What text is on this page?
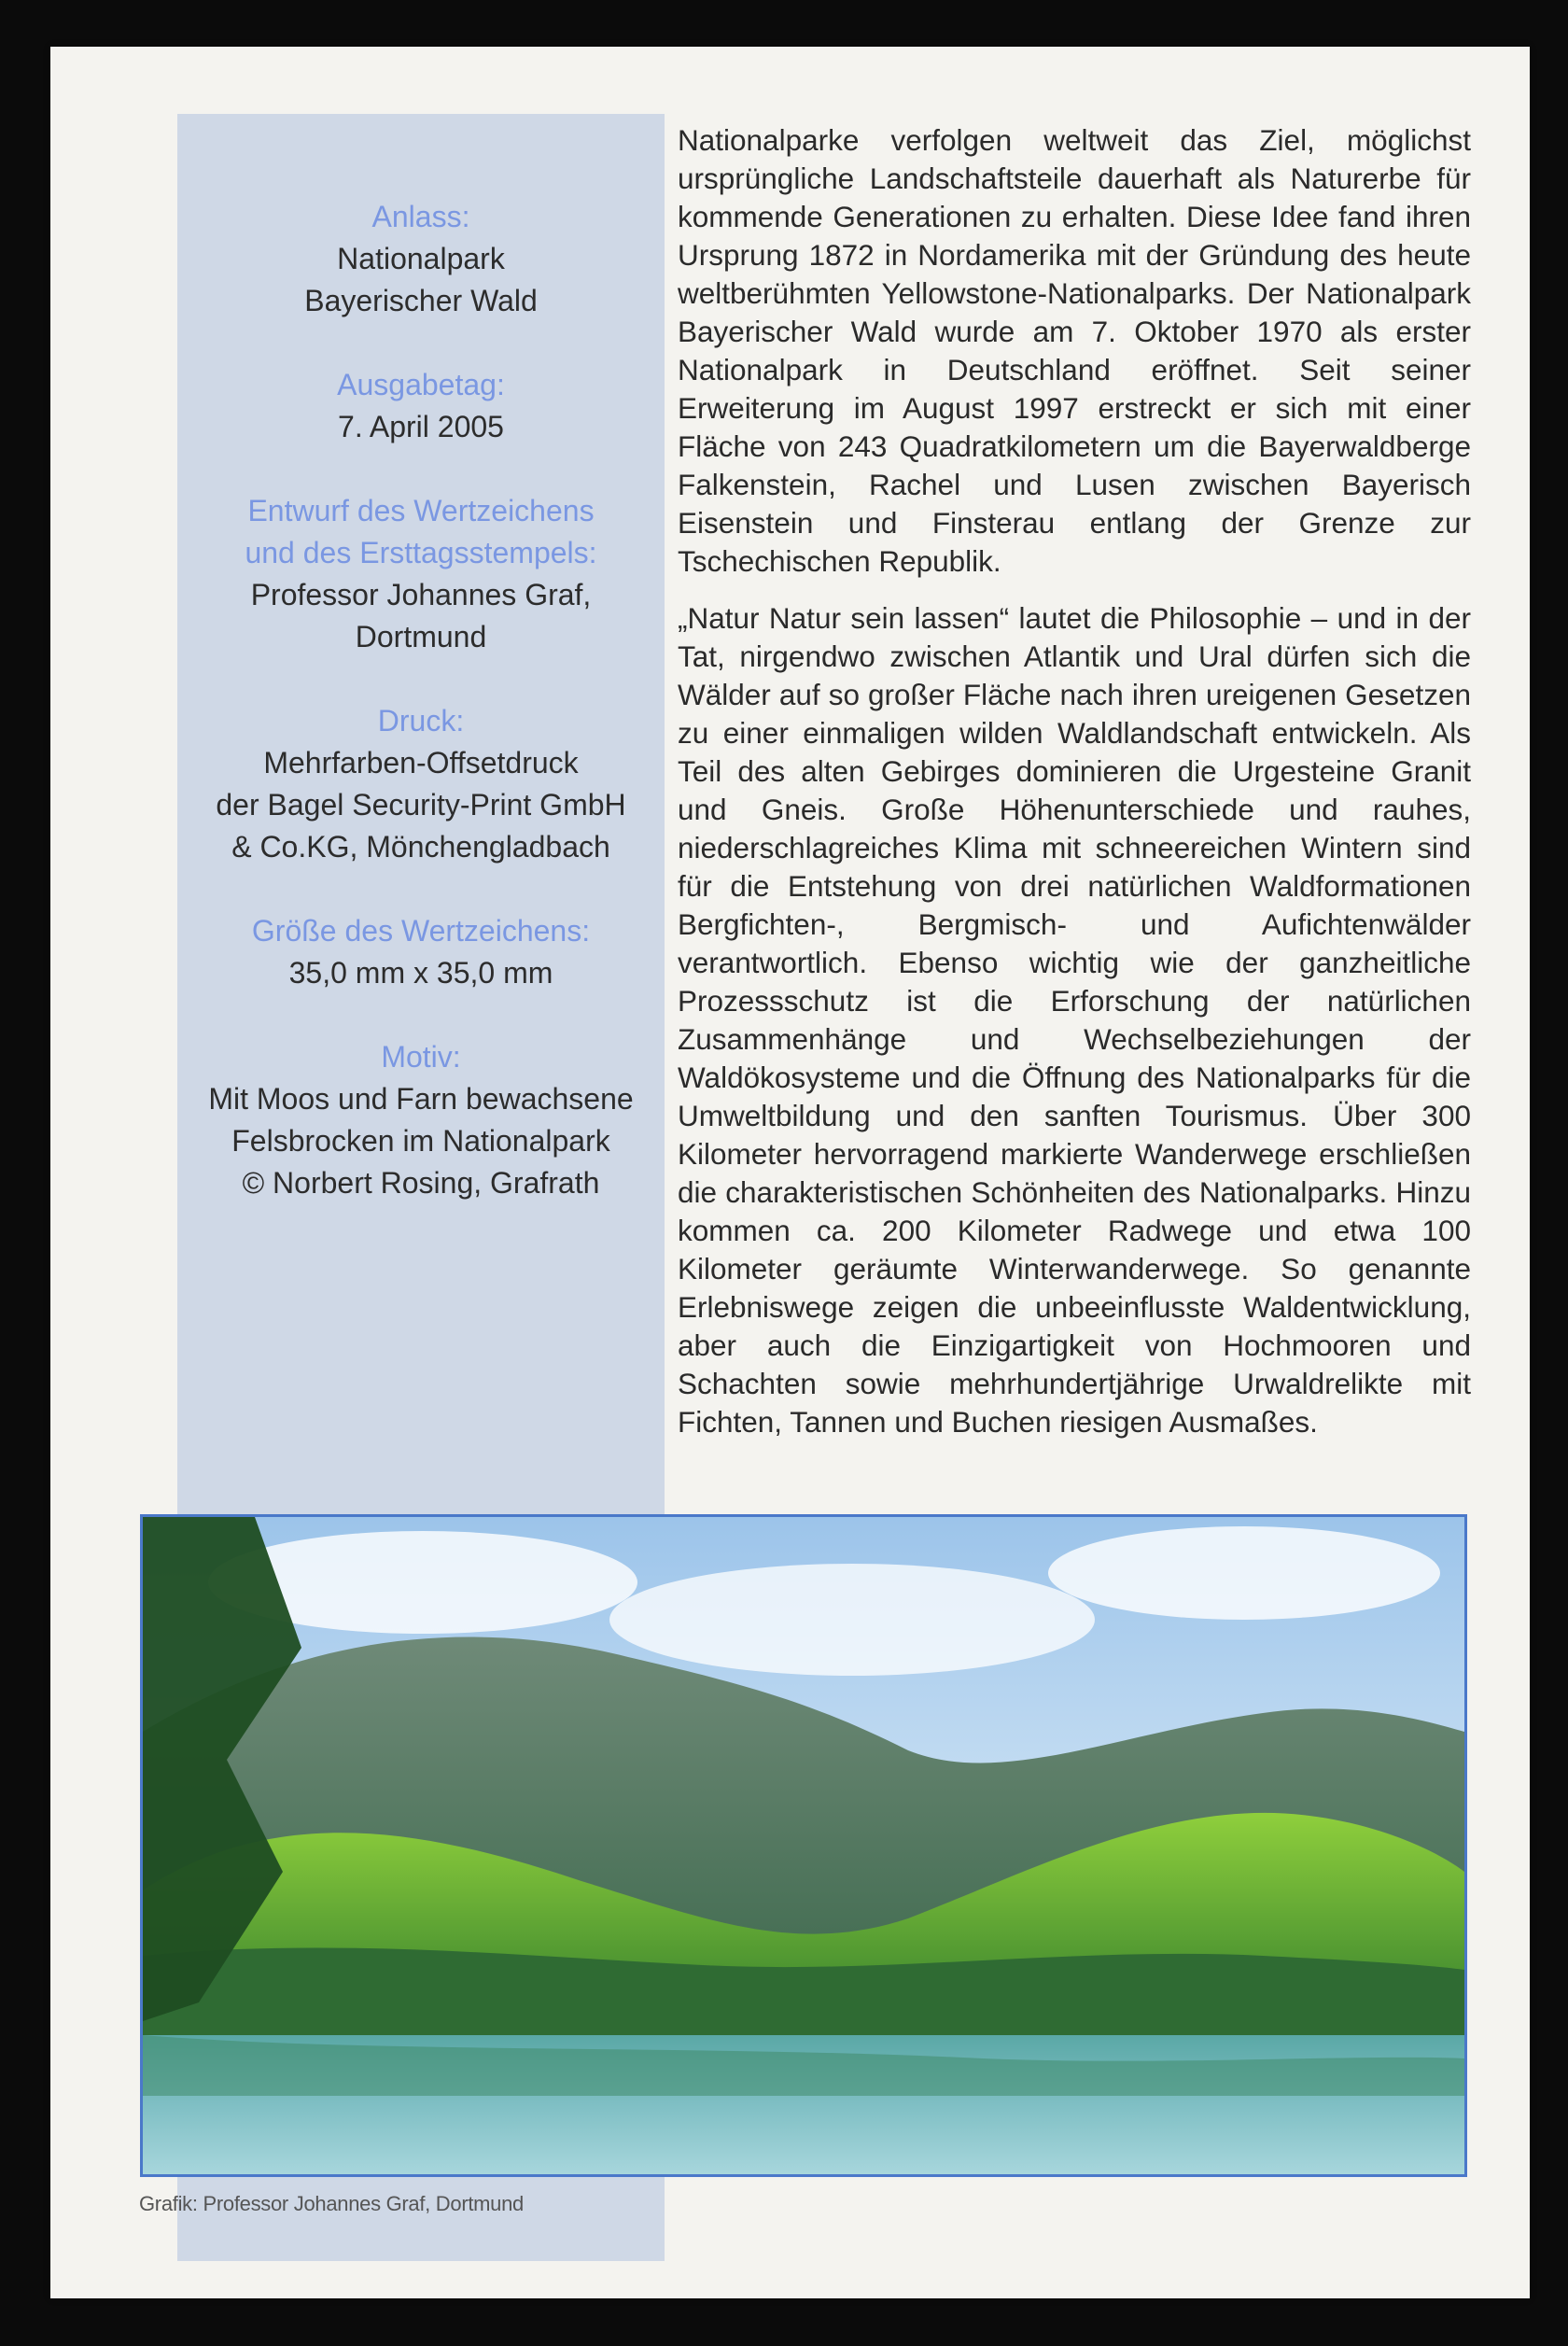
Anlass:
Nationalpark
Bayerischer Wald
Ausgabetag:
7. April 2005
Entwurf des Wertzeichens
und des Ersttagsstempels:
Professor Johannes Graf,
Dortmund
Druck:
Mehrfarben-Offsetdruck
der Bagel Security-Print GmbH
& Co.KG, Mönchengladbach
Größe des Wertzeichens:
35,0 mm x 35,0 mm
Motiv:
Mit Moos und Farn bewachsene
Felsbrocken im Nationalpark
© Norbert Rosing, Grafrath

Nationalparke verfolgen weltweit das Ziel, möglichst ursprüngliche Landschaftsteile dauerhaft als Naturerbe für kommende Generationen zu erhalten. Diese Idee fand ihren Ursprung 1872 in Nordamerika mit der Gründung des heute weltberühmten Yellowstone-Nationalparks. Der Nationalpark Bayerischer Wald wurde am 7. Oktober 1970 als erster Nationalpark in Deutschland eröffnet. Seit seiner Erweiterung im August 1997 erstreckt er sich mit einer Fläche von 243 Quadratkilometern um die Bayerwaldberge Falkenstein, Rachel und Lusen zwischen Bayerisch Eisenstein und Finsterau entlang der Grenze zur Tschechischen Republik.

„Natur Natur sein lassen“ lautet die Philosophie – und in der Tat, nirgendwo zwischen Atlantik und Ural dürfen sich die Wälder auf so großer Fläche nach ihren ureigenen Gesetzen zu einer einmaligen wilden Waldlandschaft entwickeln. Als Teil des alten Gebirges dominieren die Urgesteine Granit und Gneis. Große Höhenunterschiede und rauhes, niederschlagreiches Klima mit schneereichen Wintern sind für die Entstehung von drei natürlichen Waldformationen Bergfichten-, Bergmisch- und Aufichtenwälder verantwortlich. Ebenso wichtig wie der ganzheitliche Prozessschutz ist die Erforschung der natürlichen Zusammenhänge und Wechselbeziehungen der Waldökosysteme und die Öffnung des Nationalparks für die Umweltbildung und den sanften Tourismus. Über 300 Kilometer hervorragend markierte Wanderwege erschließen die charakteristischen Schönheiten des Nationalparks. Hinzu kommen ca. 200 Kilometer Radwege und etwa 100 Kilometer geräumte Winterwanderwege. So genannte Erlebniswege zeigen die unbeeinflusste Waldentwicklung, aber auch die Einzigartigkeit von Hochmooren und Schachten sowie mehrhundertjährige Urwaldrelikte mit Fichten, Tannen und Buchen riesigen Ausmaßes.

Grafik: Professor Johannes Graf, Dortmund
